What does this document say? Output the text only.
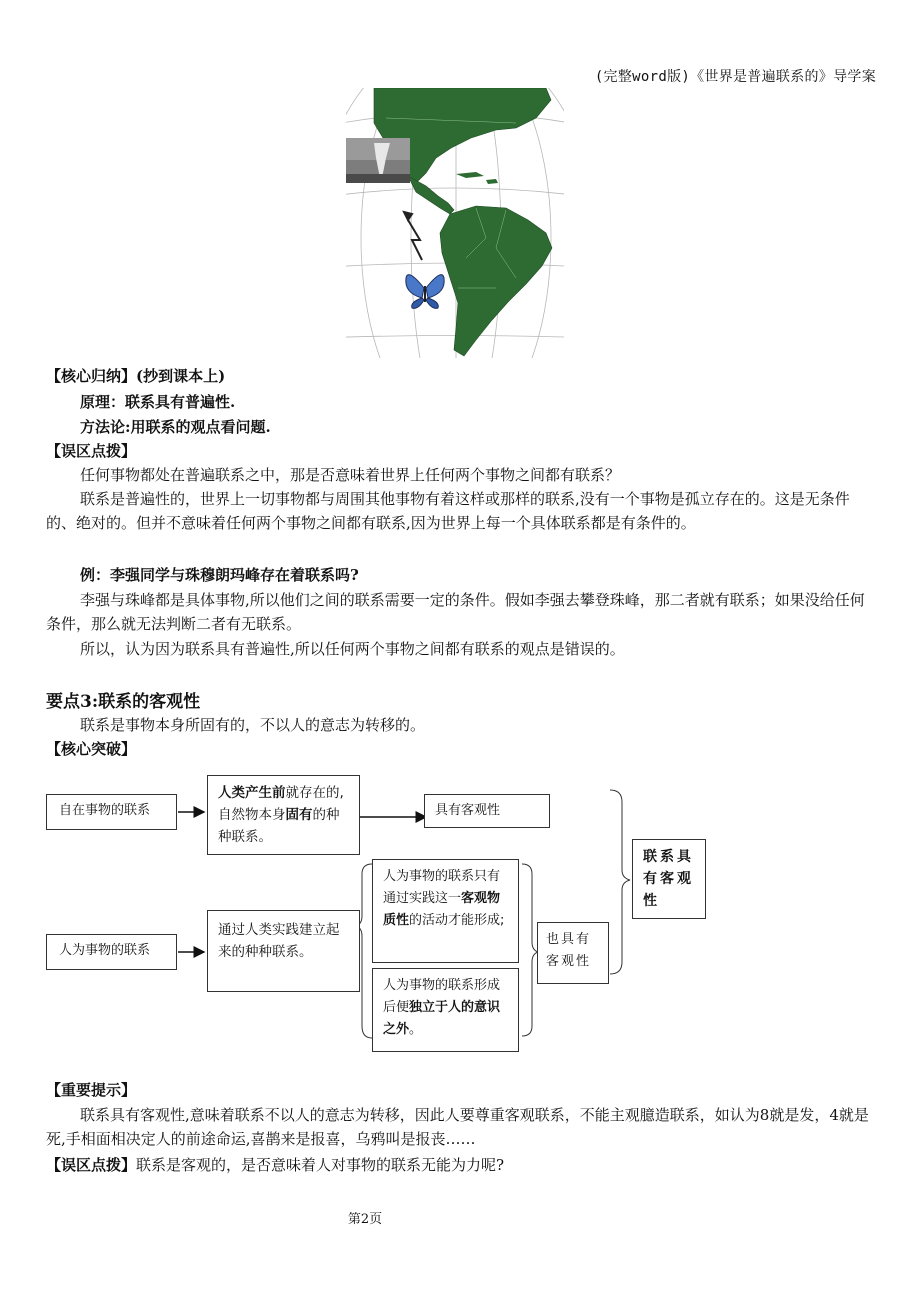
(完整word版)《世界是普遍联系的》导学案
【核心归纳】(抄到课本上)
原理：联系具有普遍性.
方法论:用联系的观点看问题.
【误区点拨】
任何事物都处在普遍联系之中，那是否意味着世界上任何两个事物之间都有联系？
联系是普遍性的，世界上一切事物都与周围其他事物有着这样或那样的联系,没有一个事物是孤立存在的。这是无条件的、绝对的。但并不意味着任何两个事物之间都有联系,因为世界上每一个具体联系都是有条件的。
例：李强同学与珠穆朗玛峰存在着联系吗?
李强与珠峰都是具体事物,所以他们之间的联系需要一定的条件。假如李强去攀登珠峰，那二者就有联系；如果没给任何条件，那么就无法判断二者有无联系。
所以，认为因为联系具有普遍性,所以任何两个事物之间都有联系的观点是错误的。
要点3:联系的客观性
联系是事物本身所固有的，不以人的意志为转移的。
【核心突破】
自在事物的联系
人类产生前就存在的,自然物本身固有的种种联系。
具有客观性
人为事物的联系只有通过实践这一客观物质性的活动才能形成;
人为事物的联系形成后便独立于人的意识之外。
通过人类实践建立起来的种种联系。
人为事物的联系
也具有客观性
联系具有客观性
【重要提示】
联系具有客观性,意味着联系不以人的意志为转移，因此人要尊重客观联系，不能主观臆造联系，如认为8就是发，4就是死,手相面相决定人的前途命运,喜鹊来是报喜，乌鸦叫是报丧……
【误区点拨】联系是客观的，是否意味着人对事物的联系无能为力呢?
第2页
